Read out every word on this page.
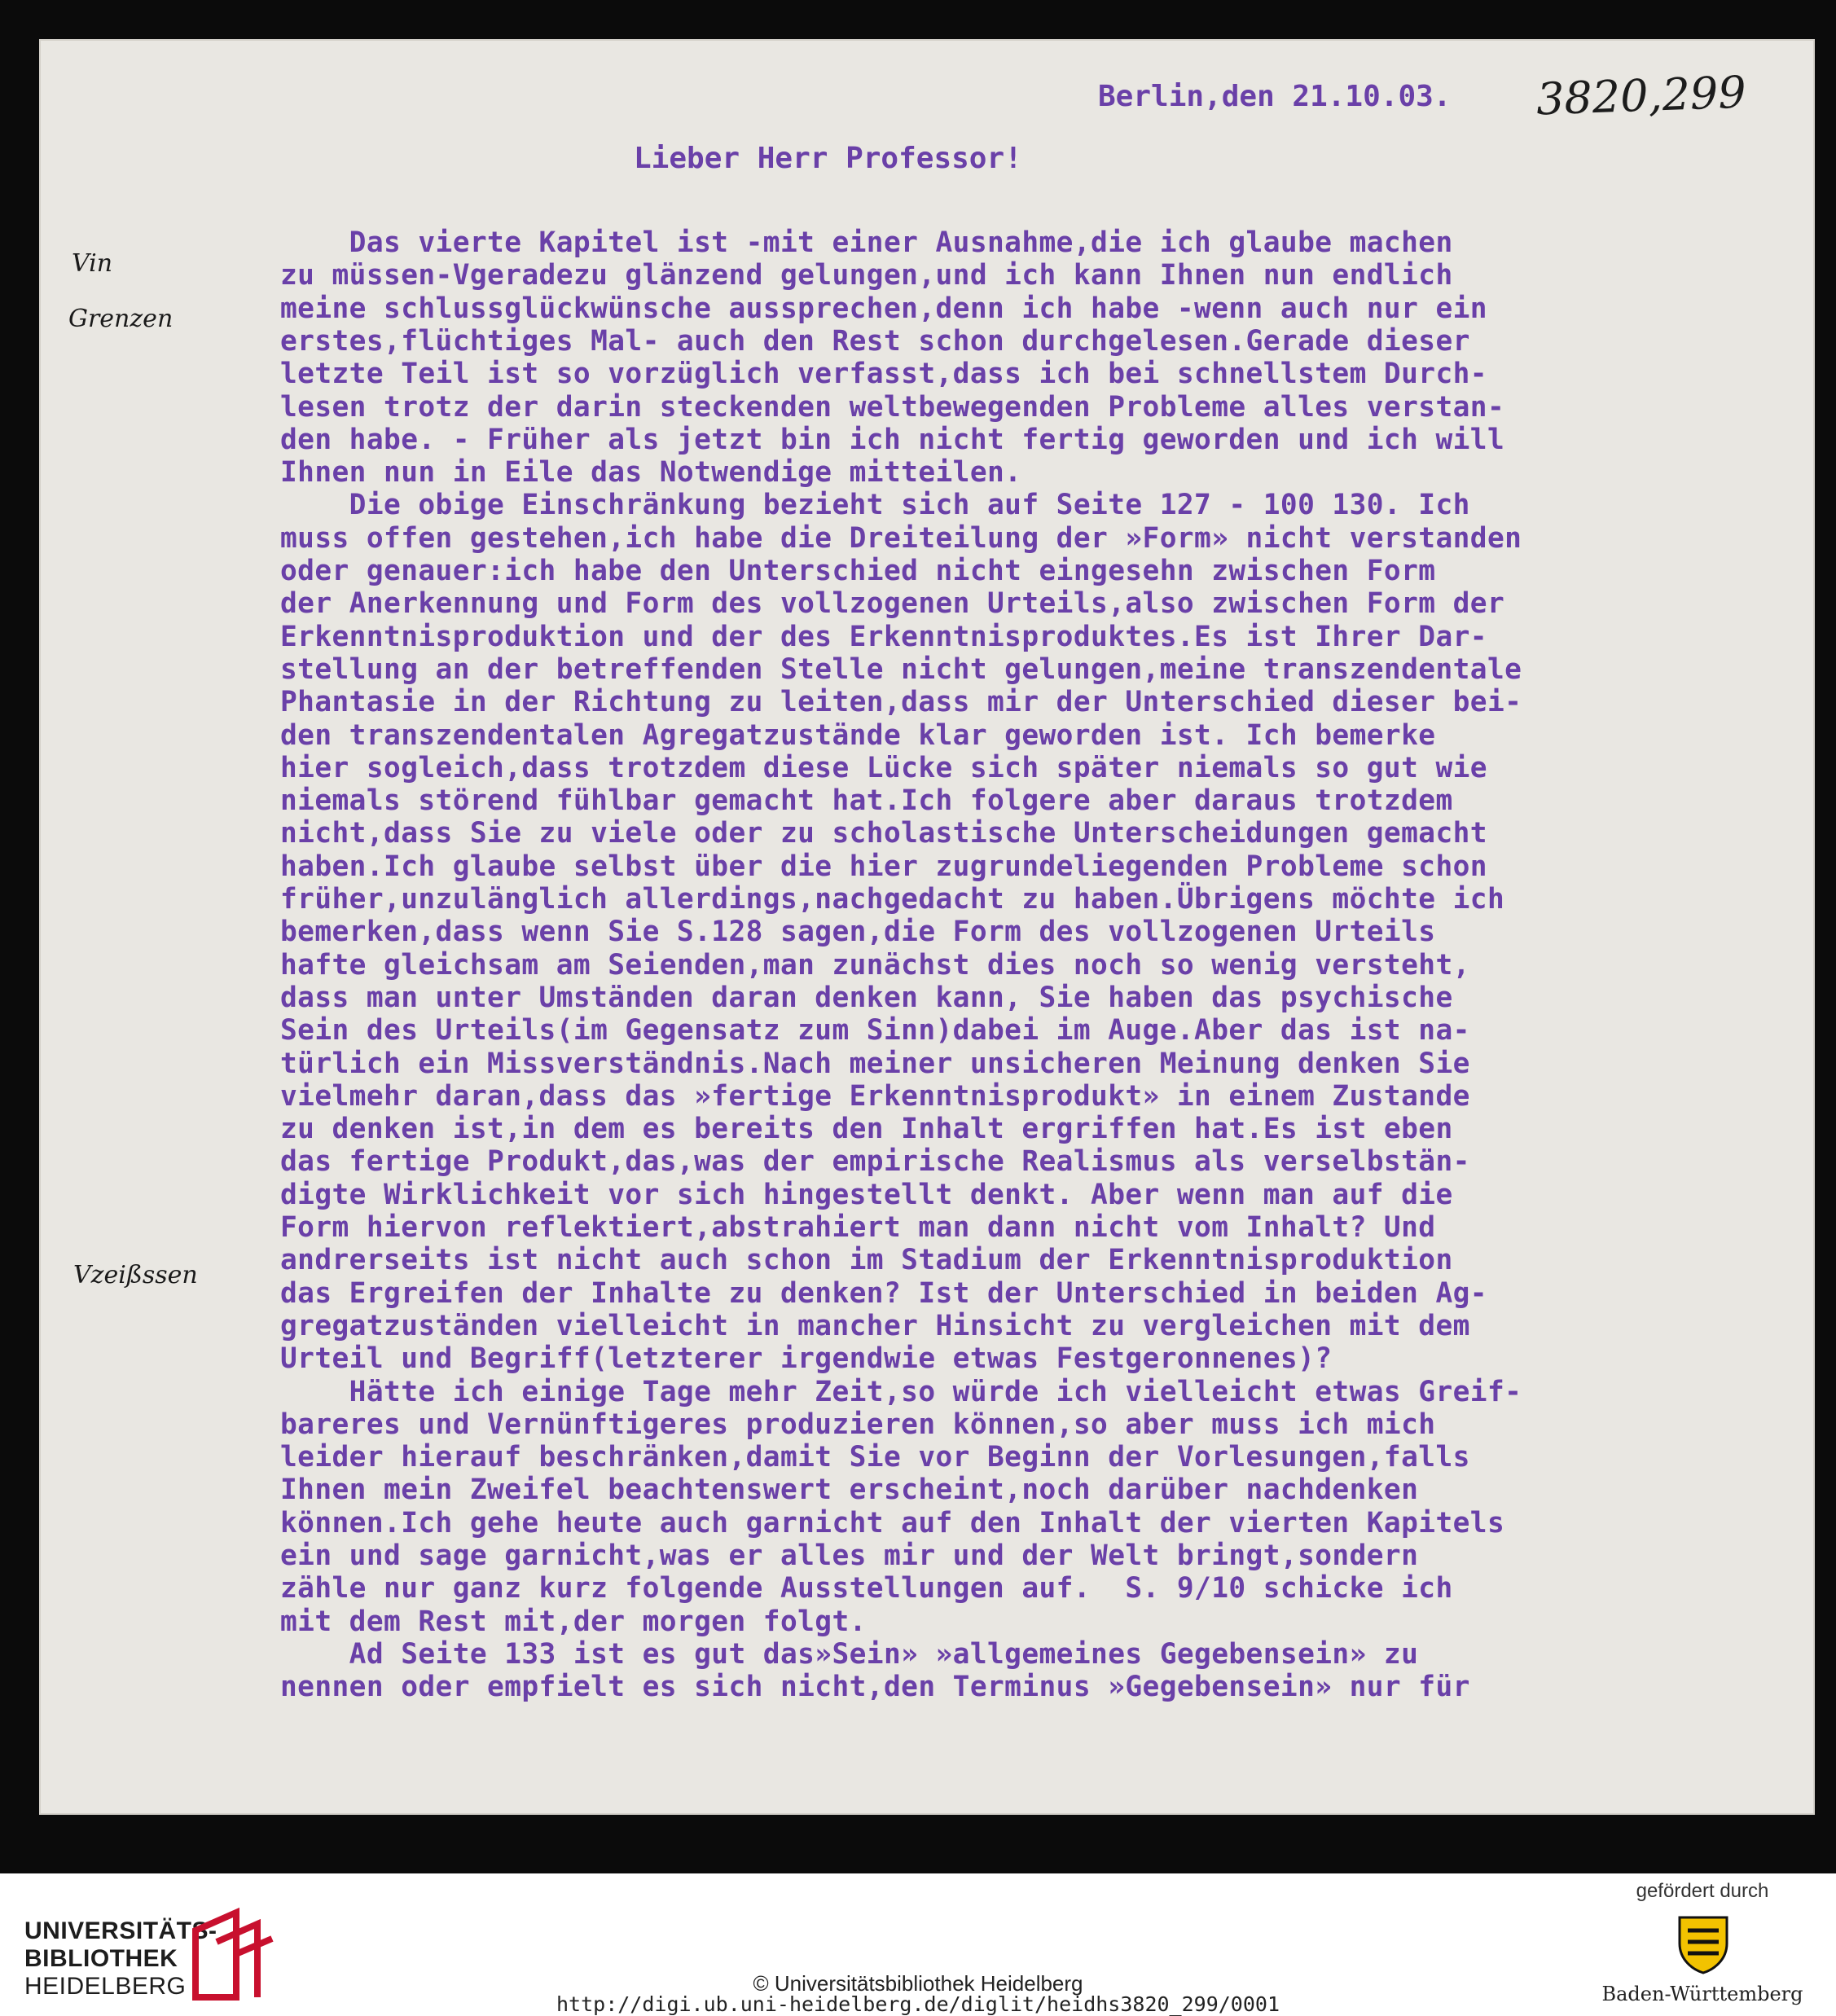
Berlin,den 21.10.03. 3820,299
Lieber Herr Professor!
Vin
Grenzen
Vzeißssen
Das vierte Kapitel ist -mit einer Ausnahme,die ich glaube machen
zu müssen-Vgeradezu glänzend gelungen,und ich kann Ihnen nun endlich
meine schlussglückwünsche aussprechen,denn ich habe -wenn auch nur ein
erstes,flüchtiges Mal- auch den Rest schon durchgelesen.Gerade dieser
letzte Teil ist so vorzüglich verfasst,dass ich bei schnellstem Durch-
lesen trotz der darin steckenden weltbewegenden Probleme alles verstan-
den habe. - Früher als jetzt bin ich nicht fertig geworden und ich will
Ihnen nun in Eile das Notwendige mitteilen.
Die obige Einschränkung bezieht sich auf Seite 127 - 100 130. Ich
muss offen gestehen,ich habe die Dreiteilung der »Form» nicht verstanden
oder genauer:ich habe den Unterschied nicht eingesehn zwischen Form
der Anerkennung und Form des vollzogenen Urteils,also zwischen Form der
Erkenntnisproduktion und der des Erkenntnisproduktes.Es ist Ihrer Dar-
stellung an der betreffenden Stelle nicht gelungen,meine transzendentale
Phantasie in der Richtung zu leiten,dass mir der Unterschied dieser bei-
den transzendentalen Agregatzustände klar geworden ist. Ich bemerke
hier sogleich,dass trotzdem diese Lücke sich später niemals so gut wie
niemals störend fühlbar gemacht hat.Ich folgere aber daraus trotzdem
nicht,dass Sie zu viele oder zu scholastische Unterscheidungen gemacht
haben.Ich glaube selbst über die hier zugrundeliegenden Probleme schon
früher,unzulänglich allerdings,nachgedacht zu haben.Übrigens möchte ich
bemerken,dass wenn Sie S.128 sagen,die Form des vollzogenen Urteils
hafte gleichsam am Seienden,man zunächst dies noch so wenig versteht,
dass man unter Umständen daran denken kann, Sie haben das psychische
Sein des Urteils(im Gegensatz zum Sinn)dabei im Auge.Aber das ist na-
türlich ein Missverständnis.Nach meiner unsicheren Meinung denken Sie
vielmehr daran,dass das »fertige Erkenntnisprodukt» in einem Zustande
zu denken ist,in dem es bereits den Inhalt ergriffen hat.Es ist eben
das fertige Produkt,das,was der empirische Realismus als verselbstän-
digte Wirklichkeit vor sich hingestellt denkt. Aber wenn man auf die
Form hiervon reflektiert,abstrahiert man dann nicht vom Inhalt? Und
andrerseits ist nicht auch schon im Stadium der Erkenntnisproduktion
das Ergreifen der Inhalte zu denken? Ist der Unterschied in beiden Ag-
gregatzuständen vielleicht in mancher Hinsicht zu vergleichen mit dem
Urteil und Begriff(letzterer irgendwie etwas Festgeronnenes)?
Hätte ich einige Tage mehr Zeit,so würde ich vielleicht etwas Greif-
bareres und Vernünftigeres produzieren können,so aber muss ich mich
leider hierauf beschränken,damit Sie vor Beginn der Vorlesungen,falls
Ihnen mein Zweifel beachtenswert erscheint,noch darüber nachdenken
können.Ich gehe heute auch garnicht auf den Inhalt der vierten Kapitels
ein und sage garnicht,was er alles mir und der Welt bringt,sondern
zähle nur ganz kurz folgende Ausstellungen auf.  S. 9/10 schicke ich
mit dem Rest mit,der morgen folgt.
Ad Seite 133 ist es gut das»Sein» »allgemeines Gegebensein» zu
nennen oder empfielt es sich nicht,den Terminus »Gegebensein» nur für
UNIVERSITÄTS-
BIBLIOTHEK
HEIDELBERG	© Universitätsbibliothek Heidelberg
http://digi.ub.uni-heidelberg.de/diglit/heidhs3820_299/0001
gefördert durch
Baden-Württemberg
